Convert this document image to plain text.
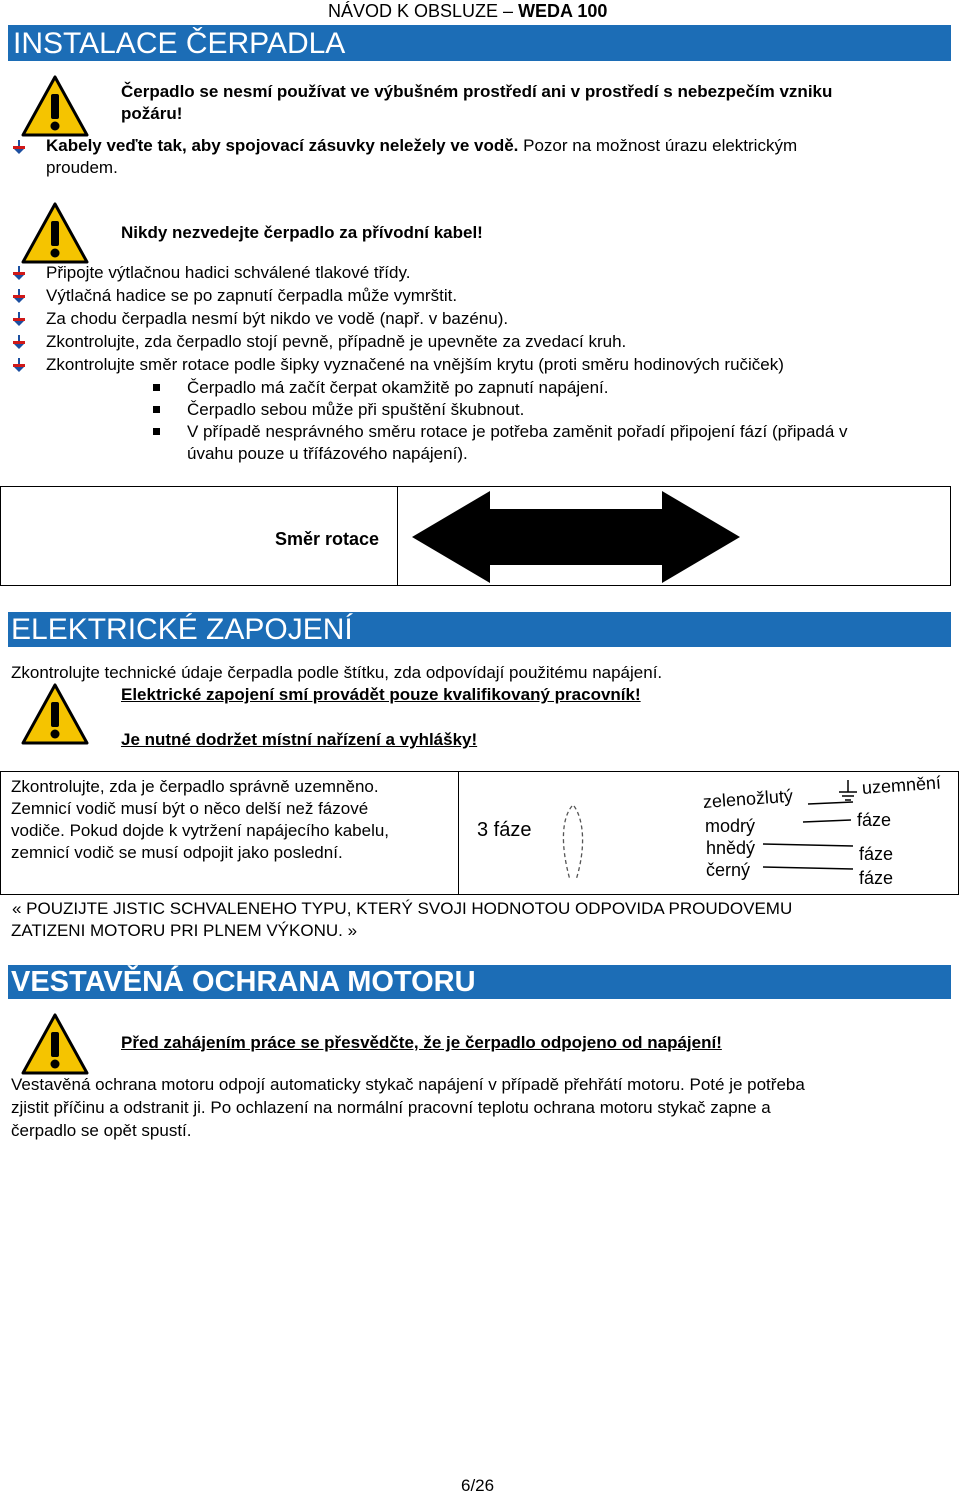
NÁVOD K OBSLUZE – WEDA 100
INSTALACE ČERPADLA
Čerpadlo se nesmí používat ve výbušném prostředí ani v prostředí s nebezpečím vzniku
požáru!
Kabely veďte tak, aby spojovací zásuvky neležely ve vodě. Pozor na možnost úrazu elektrickým
proudem.
Nikdy nezvedejte čerpadlo za přívodní kabel!
Připojte výtlačnou hadici schválené tlakové třídy.
Výtlačná hadice se po zapnutí čerpadla může vymrštit.
Za chodu čerpadla nesmí být nikdo ve vodě (např. v bazénu).
Zkontrolujte, zda čerpadlo stojí pevně, případně je upevněte za zvedací kruh.
Zkontrolujte směr rotace podle šipky vyznačené na vnějším krytu (proti směru hodinových ručiček)
Čerpadlo má začít čerpat okamžitě po zapnutí napájení.
Čerpadlo sebou může při spuštění škubnout.
V případě nesprávného směru rotace je potřeba zaměnit pořadí připojení fází (připadá v
úvahu pouze u třífázového napájení).
Směr rotace
ELEKTRICKÉ ZAPOJENÍ
Zkontrolujte technické údaje čerpadla podle štítku, zda odpovídají použitému napájení.
Elektrické zapojení smí provádět pouze kvalifikovaný pracovník!
Je nutné dodržet místní nařízení a vyhlášky!
Zkontrolujte, zda je čerpadlo správně uzemněno.
Zemnicí vodič musí být o něco delší než fázové
vodiče. Pokud dojde k vytržení napájecího kabelu,
zemnicí vodič se musí odpojit jako poslední.
3 fáze
zelenožlutý
modrý
hnědý
černý
uzemnění
fáze
fáze
fáze
« POUZIJTE JISTIC SCHVALENEHO TYPU, KTERÝ SVOJI HODNOTOU ODPOVIDA PROUDOVEMU
ZATIZENI MOTORU PRI PLNEM VÝKONU. »
VESTAVĚNÁ OCHRANA MOTORU
Před zahájením práce se přesvědčte, že je čerpadlo odpojeno od napájení!
Vestavěná ochrana motoru odpojí automaticky stykač napájení v případě přehřátí motoru. Poté je potřeba
zjistit příčinu a odstranit ji. Po ochlazení na normální pracovní teplotu ochrana motoru stykač zapne a
čerpadlo se opět spustí.
6/26
